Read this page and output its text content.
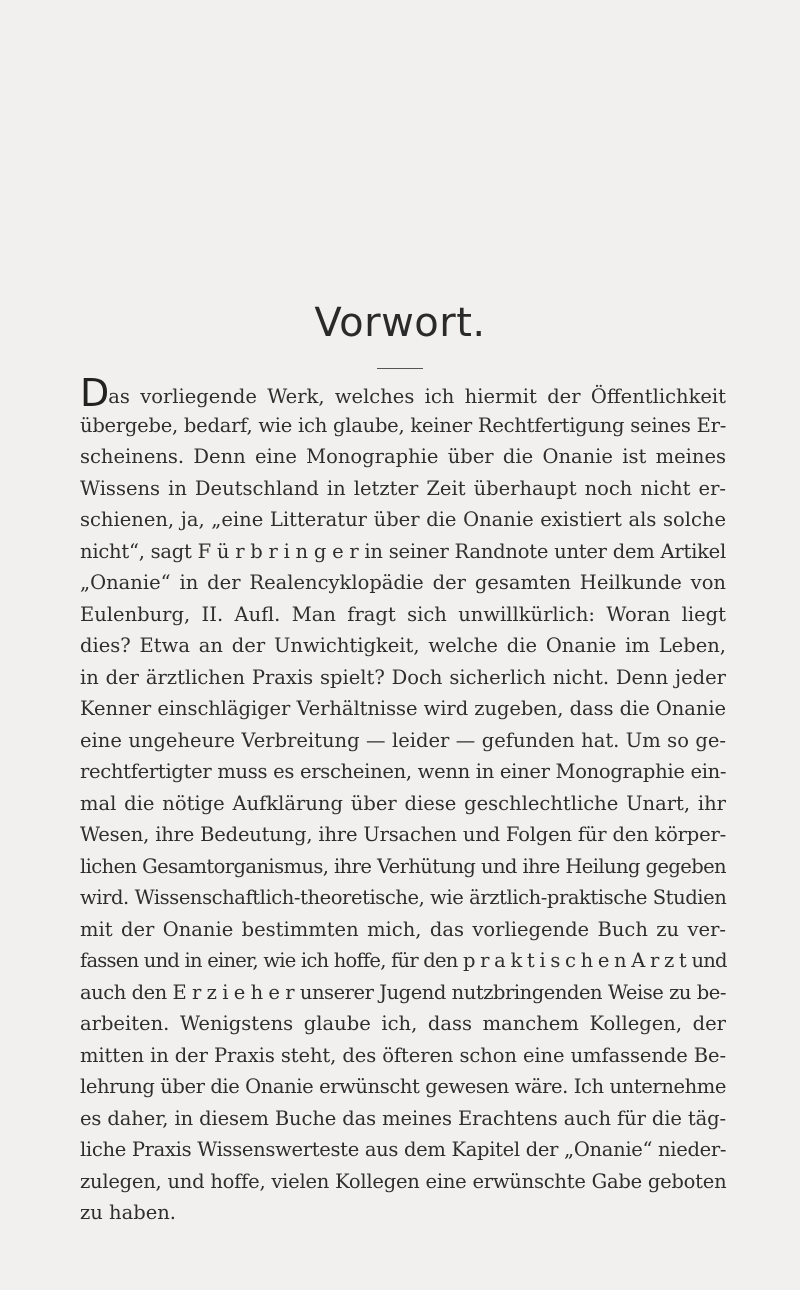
Vorwort.
Das vorliegende Werk, welches ich hiermit der Öffentlichkeit
übergebe, bedarf, wie ich glaube, keiner Rechtfertigung seines Er-
scheinens. Denn eine Monographie über die Onanie ist meines
Wissens in Deutschland in letzter Zeit überhaupt noch nicht er-
schienen, ja, „eine Litteratur über die Onanie existiert als solche
nicht“, sagt F ü r b r i n g e r in seiner Randnote unter dem Artikel
„Onanie“ in der Realencyklopädie der gesamten Heilkunde von
Eulenburg, II. Aufl. Man fragt sich unwillkürlich: Woran liegt
dies? Etwa an der Unwichtigkeit, welche die Onanie im Leben,
in der ärztlichen Praxis spielt? Doch sicherlich nicht. Denn jeder
Kenner einschlägiger Verhältnisse wird zugeben, dass die Onanie
eine ungeheure Verbreitung — leider — gefunden hat. Um so ge-
rechtfertigter muss es erscheinen, wenn in einer Monographie ein-
mal die nötige Aufklärung über diese geschlechtliche Unart, ihr
Wesen, ihre Bedeutung, ihre Ursachen und Folgen für den körper-
lichen Gesamtorganismus, ihre Verhütung und ihre Heilung gegeben
wird. Wissenschaftlich-theoretische, wie ärztlich-praktische Studien
mit der Onanie bestimmten mich, das vorliegende Buch zu ver-
fassen und in einer, wie ich hoffe, für den p r a k t i s c h e n A r z t und
auch den E r z i e h e r unserer Jugend nutzbringenden Weise zu be-
arbeiten. Wenigstens glaube ich, dass manchem Kollegen, der
mitten in der Praxis steht, des öfteren schon eine umfassende Be-
lehrung über die Onanie erwünscht gewesen wäre. Ich unternehme
es daher, in diesem Buche das meines Erachtens auch für die täg-
liche Praxis Wissenswerteste aus dem Kapitel der „Onanie“ nieder-
zulegen, und hoffe, vielen Kollegen eine erwünschte Gabe geboten
zu haben.
